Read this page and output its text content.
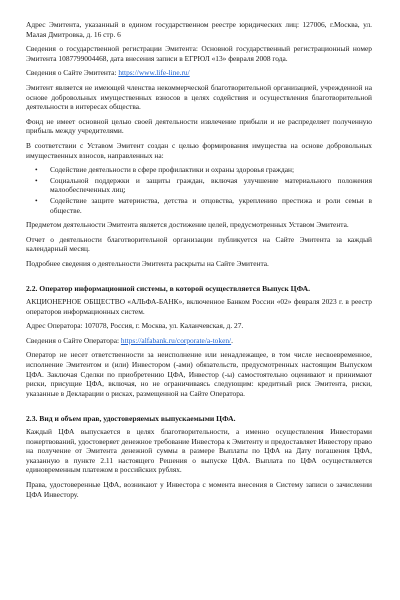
Адрес Эмитента, указанный в едином государственном реестре юридических лиц: 127006, г.Москва, ул. Малая Дмитровка, д. 16 стр. 6

Сведения о государственной регистрации Эмитента: Основной государственный регистрационный номер Эмитента 1087799004468, дата внесения записи в ЕГРЮЛ «13» февраля 2008 года.

Сведения о Сайте Эмитента: https://www.life-line.ru/

Эмитент является не имеющей членства некоммерческой благотворительной организацией, учрежденной на основе добровольных имущественных взносов в целях содействия и осуществления благотворительной деятельности в интересах общества.

Фонд не имеет основной целью своей деятельности извлечение прибыли и не распределяет полученную прибыль между учредителями.

В соответствии с Уставом Эмитент создан с целью формирования имущества на основе добровольных имущественных взносов, направленных на:

• Содействие деятельности в сфере профилактики и охраны здоровья граждан;
• Социальной поддержки и защиты граждан, включая улучшение материального положения малообеспеченных лиц;
• Содействие защите материнства, детства и отцовства, укреплению престижа и роли семьи в обществе.

Предметом деятельности Эмитента является достижение целей, предусмотренных Уставом Эмитента.

Отчет о деятельности благотворительной организации публикуется на Сайте Эмитента за каждый календарный месяц.

Подробнее сведения о деятельности Эмитента раскрыты на Сайте Эмитента.

2.2. Оператор информационной системы, в которой осуществляется Выпуск ЦФА.

АКЦИОНЕРНОЕ ОБЩЕСТВО «АЛЬФА-БАНК», включенное Банком России «02» февраля 2023 г. в реестр операторов информационных систем.

Адрес Оператора: 107078, Россия, г. Москва, ул. Каланчевская, д. 27.

Сведения о Сайте Оператора: https://alfabank.ru/corporate/a-token/.

Оператор не несет ответственности за неисполнение или ненадлежащее, в том числе несвоевременное, исполнение Эмитентом и (или) Инвестором (-ами) обязательств, предусмотренных настоящим Выпуском ЦФА. Заключая Сделки по приобретению ЦФА, Инвестор (-ы) самостоятельно оценивают и принимают риски, присущие ЦФА, включая, но не ограничиваясь следующим: кредитный риск Эмитента, риски, указанные в Декларации о рисках, размещенной на Сайте Оператора.

2.3. Вид и объем прав, удостоверяемых выпускаемыми ЦФА.

Каждый ЦФА выпускается в целях благотворительности, а именно осуществления Инвесторами пожертвований, удостоверяет денежное требование Инвестора к Эмитенту и предоставляет Инвестору право на получение от Эмитента денежной суммы в размере Выплаты по ЦФА на Дату погашения ЦФА, указанную в пункте 2.11 настоящего Решения о выпуске ЦФА. Выплата по ЦФА осуществляется единовременным платежом в российских рублях.

Права, удостоверенные ЦФА, возникают у Инвестора с момента внесения в Систему записи о зачислении ЦФА Инвестору.
